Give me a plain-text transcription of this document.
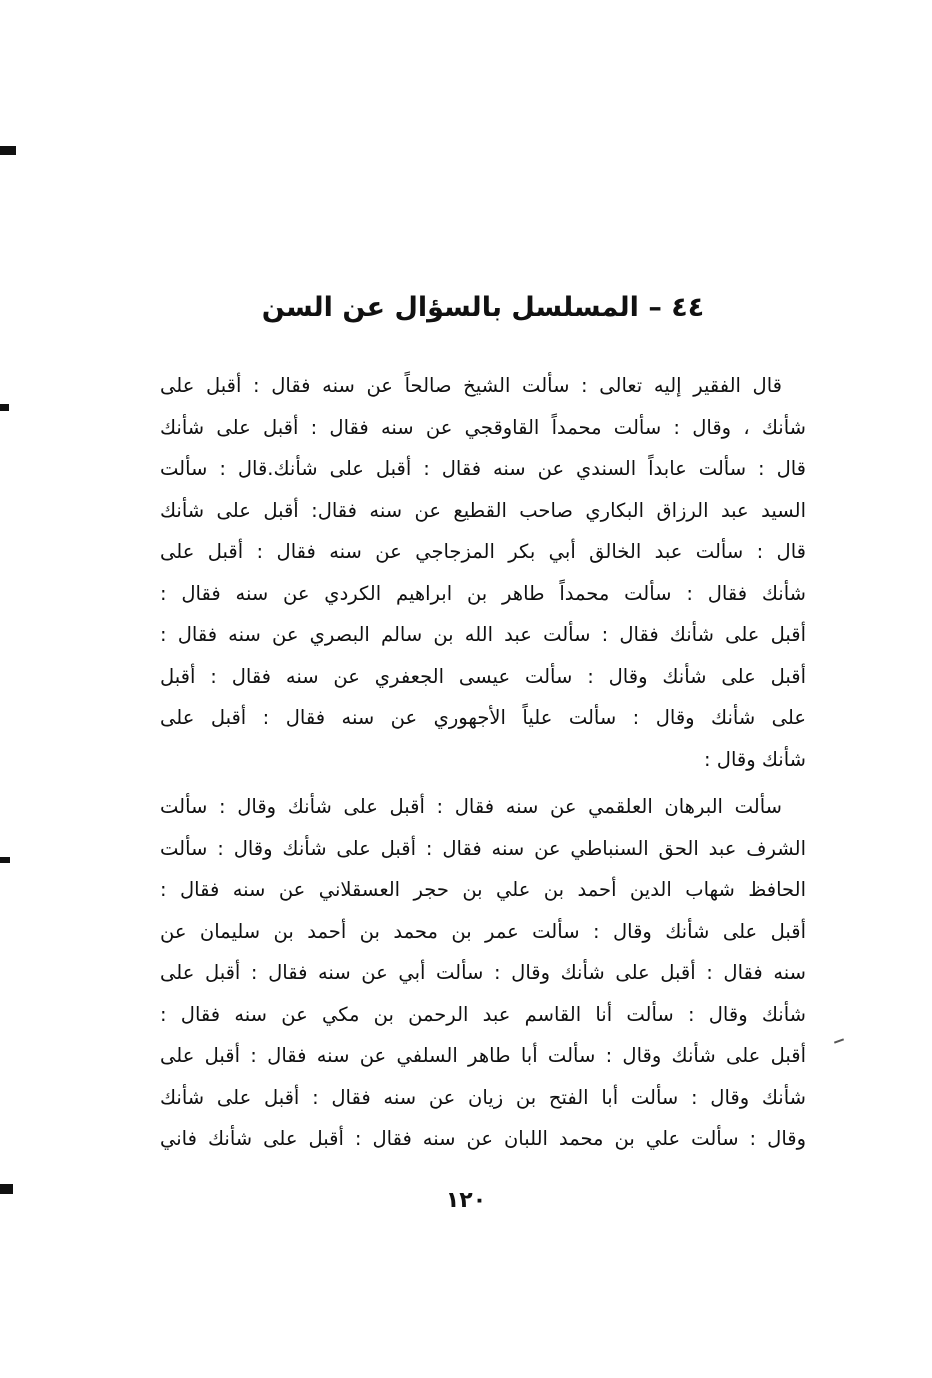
٤٤ – المسلسل بالسؤال عن السن
قال الفقير إليه تعالى : سألت الشيخ صالحاً عن سنه فقال : أقبل على
شأنك ، وقال : سألت محمداً القاوقجي عن سنه فقال : أقبل على شأنك
قال : سألت عابداً السندي عن سنه فقال : أقبل على شأنك.قال : سألت
السيد عبد الرزاق البكاري صاحب القطيع عن سنه فقال: أقبل على شأنك
قال : سألت عبد الخالق أبي بكر المزجاجي عن سنه فقال : أقبل على
شأنك فقال : سألت محمداً طاهر بن ابراهيم الكردي عن سنه فقال :
أقبل على شأنك فقال : سألت عبد الله بن سالم البصري عن سنه فقال :
أقبل على شأنك وقال : سألت عيسى الجعفري عن سنه فقال : أقبل
على شأنك وقال : سألت علياً الأجهوري عن سنه فقال : أقبل على
شأنك وقال :
سألت البرهان العلقمي عن سنه فقال : أقبل على شأنك وقال : سألت
الشرف عبد الحق السنباطي عن سنه فقال : أقبل على شأنك وقال : سألت
الحافظ شهاب الدين أحمد بن علي بن حجر العسقلاني عن سنه فقال :
أقبل على شأنك وقال : سألت عمر بن محمد بن أحمد بن سليمان عن
سنه فقال : أقبل على شأنك وقال : سألت أبي عن سنه فقال : أقبل على
شأنك وقال : سألت أنا القاسم عبد الرحمن بن مكي عن سنه فقال :
أقبل على شأنك وقال : سألت أبا طاهر السلفي عن سنه فقال : أقبل على
شأنك وقال : سألت أبا الفتح بن زيان عن سنه فقال : أقبل على شأنك
وقال : سألت علي بن محمد اللبان عن سنه فقال : أقبل على شأنك فاني
١٢٠
